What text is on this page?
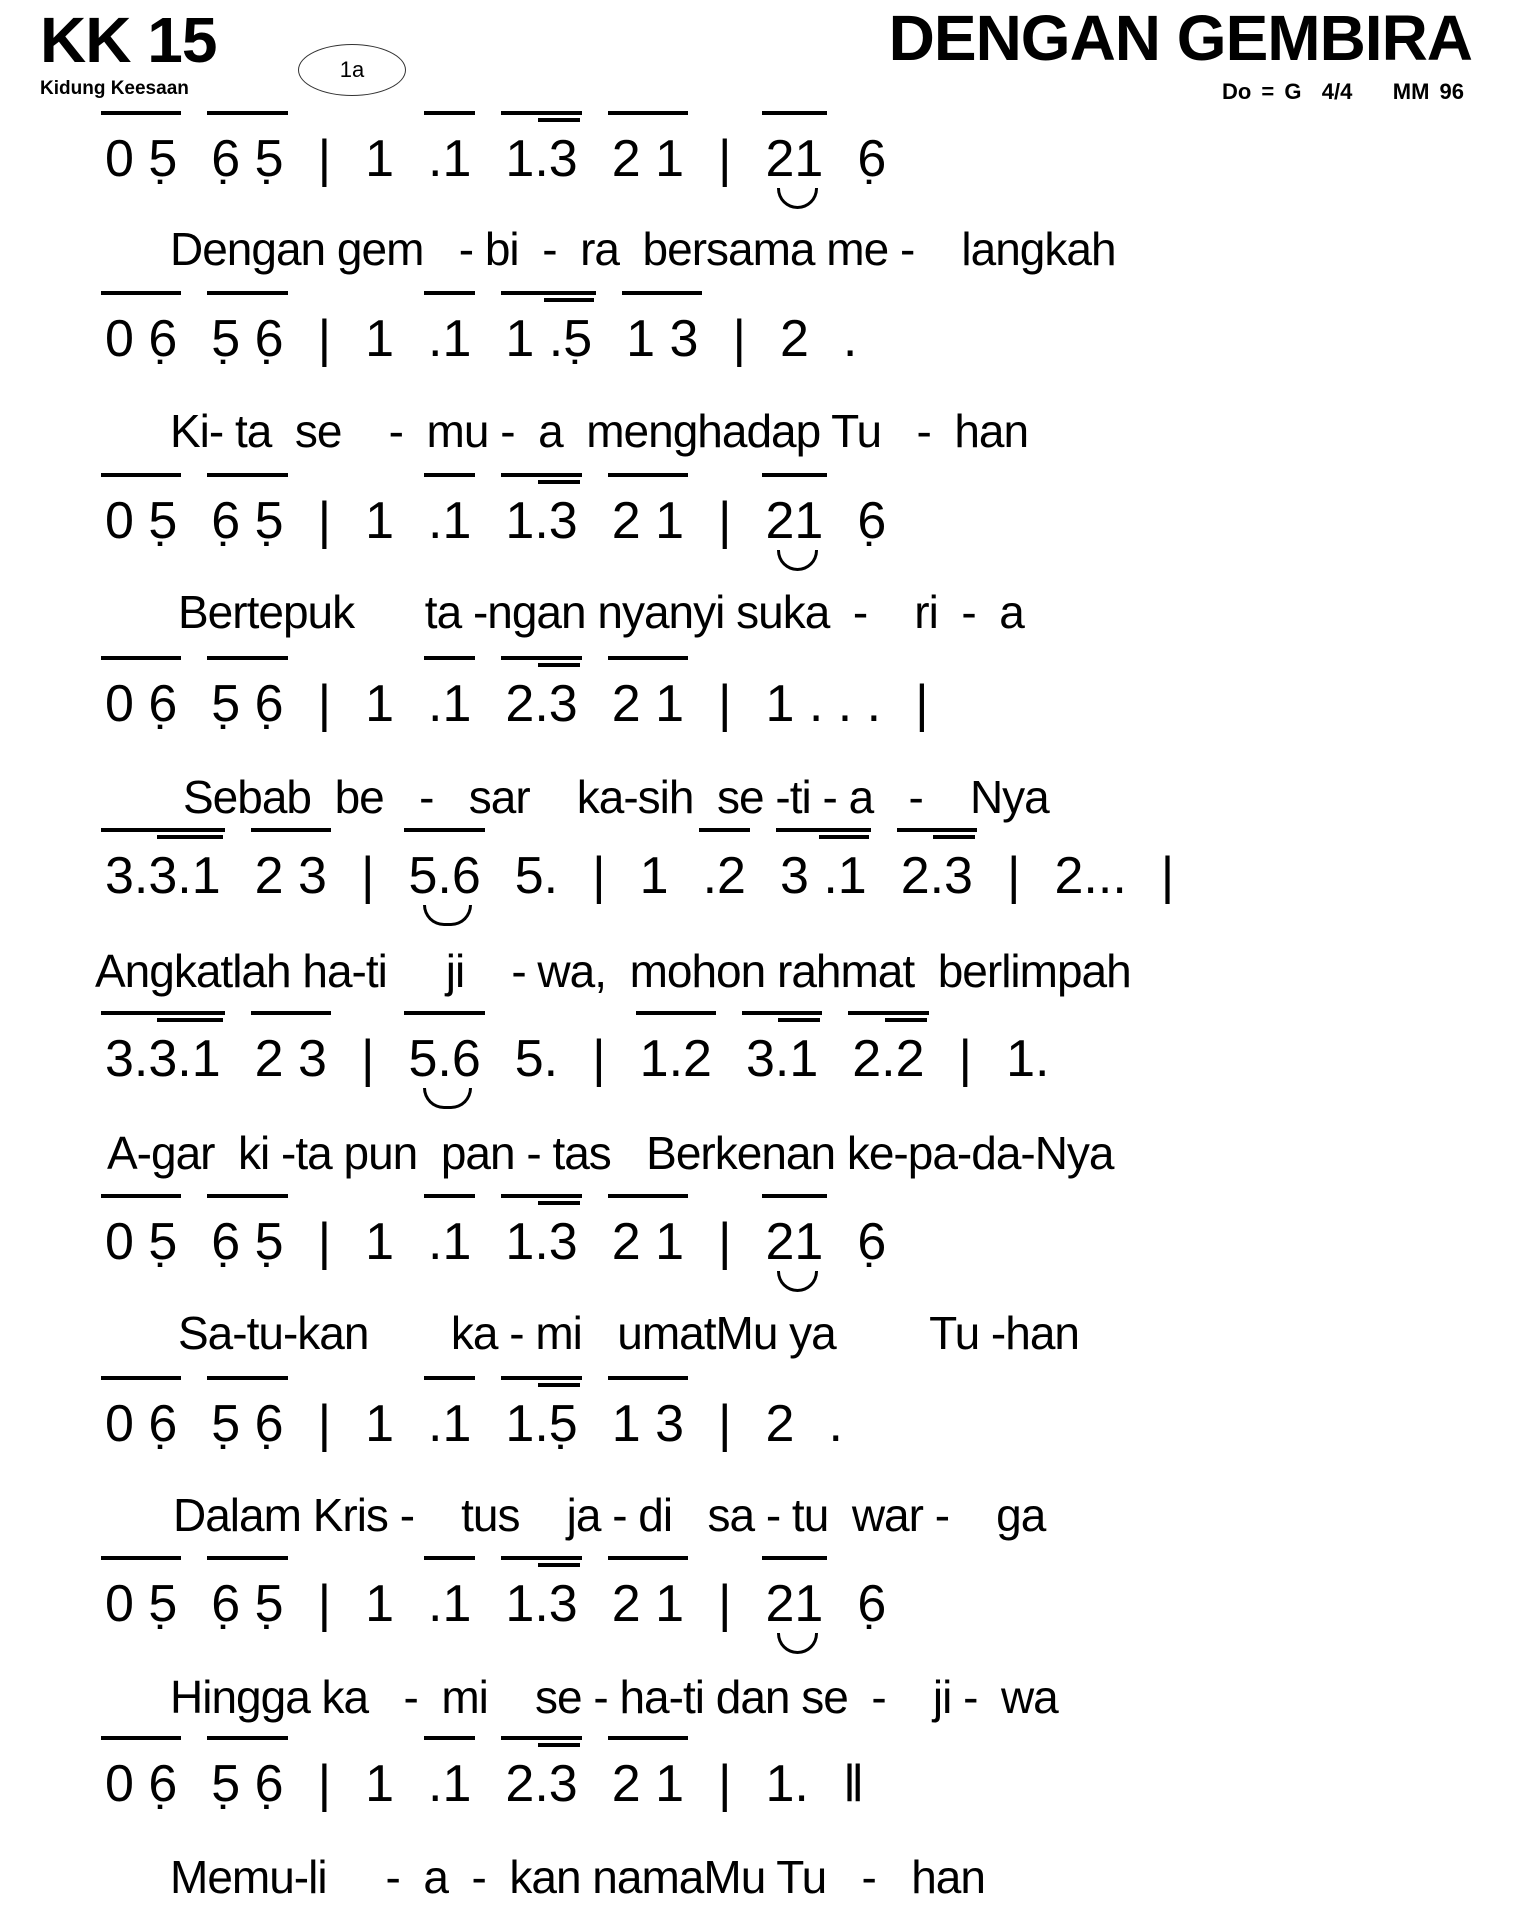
KK 15
Kidung Keesaan
1a	DENGAN GEMBIRA
Do = G  4/4    MM 96
0 5̣ 6̣ 5̣ | 1 .1 1.3 2 1 | 21 6̣
Dengan gem   - bi  -  ra  bersama me -    langkah
0 6̣ 5̣ 6̣ | 1 .1 1 .5̣ 1 3 | 2 .
Ki- ta  se    -  mu -  a  menghadap Tu   -  han
0 5̣ 6̣ 5̣ | 1 .1 1.3 2 1 | 21 6̣
Bertepuk      ta -ngan nyanyi suka  -    ri  -  a
0 6̣ 5̣ 6̣ | 1 .1 2.3 2 1 | 1 . . . |
Sebab  be   -   sar    ka-sih  se -ti - a   -    Nya
3.3.1 2 3 | 5.6 5. | 1 .2 3 .1 2.3 | 2... |
Angkatlah ha-ti     ji    - wa,  mohon rahmat  berlimpah
3.3.1 2 3 | 5.6 5. | 1.2 3.1 2.2 | 1.
A-gar  ki -ta pun  pan - tas   Berkenan ke-pa-da-Nya
0 5̣ 6̣ 5̣ | 1 .1 1.3 2 1 | 21 6̣
Sa-tu-kan       ka - mi   umatMu ya        Tu -han
0 6̣ 5̣ 6̣ | 1 .1 1.5̣ 1 3 | 2 .
Dalam Kris -    tus    ja - di   sa - tu  war -    ga
0 5̣ 6̣ 5̣ | 1 .1 1.3 2 1 | 21 6̣
Hingga ka   -  mi    se - ha-ti dan se  -    ji -  wa
0 6̣ 5̣ 6̣ | 1 .1 2.3 2 1 | 1. ‖
Memu-li     -  a  -  kan namaMu Tu   -   han
